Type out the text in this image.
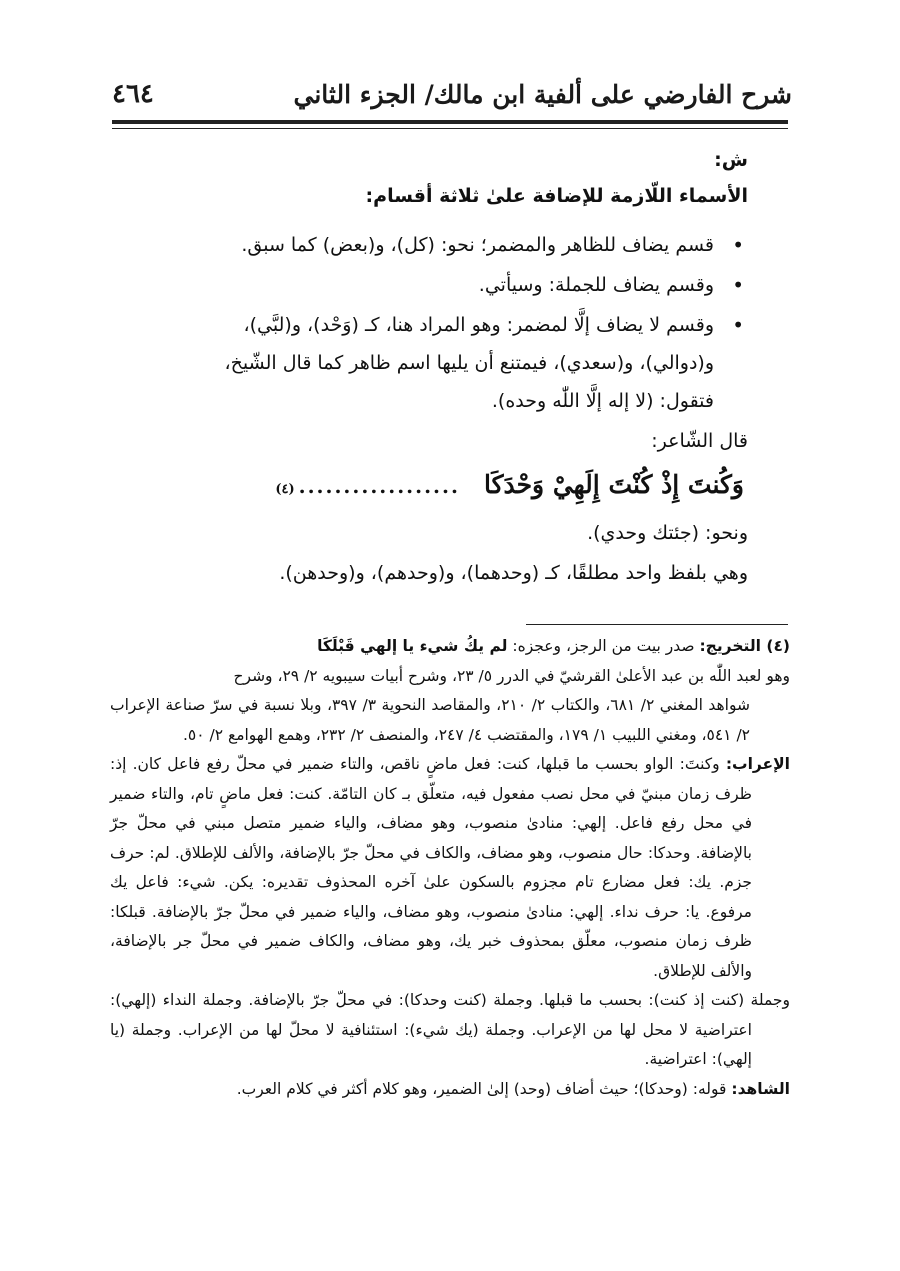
شرح الفارضي على ألفية ابن مالك/ الجزء الثاني
٤٦٤
ش:
الأسماء اللّازمة للإضافة علىٰ ثلاثة أقسام:
• قسم يضاف للظاهر والمضمر؛ نحو: (كل)، و(بعض) كما سبق.
• وقسم يضاف للجملة: وسيأتي.
• وقسم لا يضاف إلَّا لمضمر: وهو المراد هنا، كـ (وَحْد)، و(لبَّي)، و(دوالي)، و(سعدي)، فيمتنع أن يليها اسم ظاهر كما قال الشّيخ، فتقول: (لا إله إلَّا اللّٰه وحده).
قال الشّاعر:
وَكُنتَ إِذْ كُنْتَ إِلَهِيْ وَحْدَكَا
..................
(٤)
ونحو: (جئتك وحدي).
وهي بلفظ واحد مطلقًا، كـ (وحدهما)، و(وحدهم)، و(وحدهن).

(٤) التخريج: صدر بيت من الرجز، وعجزه: لم يكُ شيء يا إلهي قَبْلَكَا

وهو لعبد اللّٰه بن عبد الأعلىٰ القرشيّ في الدرر ٥/ ٢٣، وشرح أبيات سيبويه ٢/ ٢٩، وشرح

شواهد المغني ٢/ ٦٨١، والكتاب ٢/ ٢١٠، والمقاصد النحوية ٣/ ٣٩٧، وبلا نسبة في سرّ صناعة الإعراب ٢/ ٥٤١، ومغني اللبيب ١/ ١٧٩، والمقتضب ٤/ ٢٤٧، والمنصف ٢/ ٢٣٢، وهمع الهوامع ٢/ ٥٠.

الإعراب: وكنتَ: الواو بحسب ما قبلها، كنت: فعل ماضٍ ناقص، والتاء ضمير في محلّ رفع فاعل كان. إذ: ظرف زمان مبنيّ في محل نصب مفعول فيه، متعلّق بـ كان التامّة. كنت: فعل ماضٍ تام، والتاء ضمير في محل رفع فاعل. إلهي: منادىٰ منصوب، وهو مضاف، والياء ضمير متصل مبني في محلّ جرّ بالإضافة. وحدكا: حال منصوب، وهو مضاف، والكاف في محلّ جرّ بالإضافة، والألف للإطلاق. لم: حرف جزم. يك: فعل مضارع تام مجزوم بالسكون علىٰ آخره المحذوف تقديره: يكن. شيء: فاعل يك مرفوع. يا: حرف نداء. إلهي: منادىٰ منصوب، وهو مضاف، والياء ضمير في محلّ جرّ بالإضافة. قبلكا: ظرف زمان منصوب، معلّق بمحذوف خبر يك، وهو مضاف، والكاف ضمير في محلّ جر بالإضافة، والألف للإطلاق.

وجملة (كنت إذ كنت): بحسب ما قبلها. وجملة (كنت وحدكا): في محلّ جرّ بالإضافة. وجملة النداء (إلهي): اعتراضية لا محل لها من الإعراب. وجملة (يك شيء): استئنافية لا محلّ لها من الإعراب. وجملة (يا إلهي): اعتراضية.

الشاهد: قوله: (وحدكا)؛ حيث أضاف (وحد) إلىٰ الضمير، وهو كلام أكثر في كلام العرب.
